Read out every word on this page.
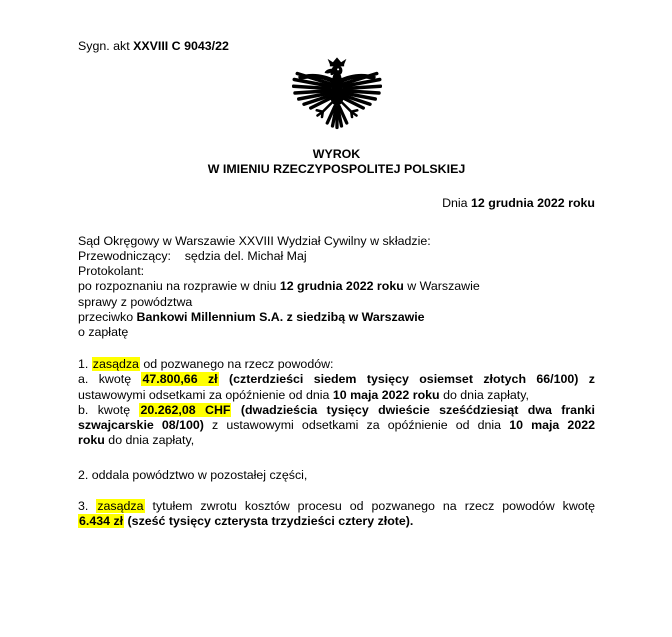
Sygn. akt XXVIII C 9043/22
WYROK
W IMIENIU RZECZYPOSPOLITEJ POLSKIEJ
Dnia 12 grudnia 2022 roku
Sąd Okręgowy w Warszawie XXVIII Wydział Cywilny w składzie:
Przewodniczący:    sędzia del. Michał Maj
Protokolant:
po rozpoznaniu na rozprawie w dniu 12 grudnia 2022 roku w Warszawie
sprawy z powództwa
przeciwko Bankowi Millennium S.A. z siedzibą w Warszawie
o zapłatę
1. zasądza od pozwanego na rzecz powodów:
a. kwotę 47.800,66 zł (czterdzieści siedem tysięcy osiemset złotych 66/100) z
ustawowymi odsetkami za opóźnienie od dnia 10 maja 2022 roku do dnia zapłaty,
b. kwotę 20.262,08 CHF (dwadzieścia tysięcy dwieście sześćdziesiąt dwa franki
szwajcarskie 08/100) z ustawowymi odsetkami za opóźnienie od dnia 10 maja 2022
roku do dnia zapłaty,
2. oddala powództwo w pozostałej części,
3. zasądza tytułem zwrotu kosztów procesu od pozwanego na rzecz powodów kwotę
6.434 zł (sześć tysięcy czterysta trzydzieści cztery złote).
